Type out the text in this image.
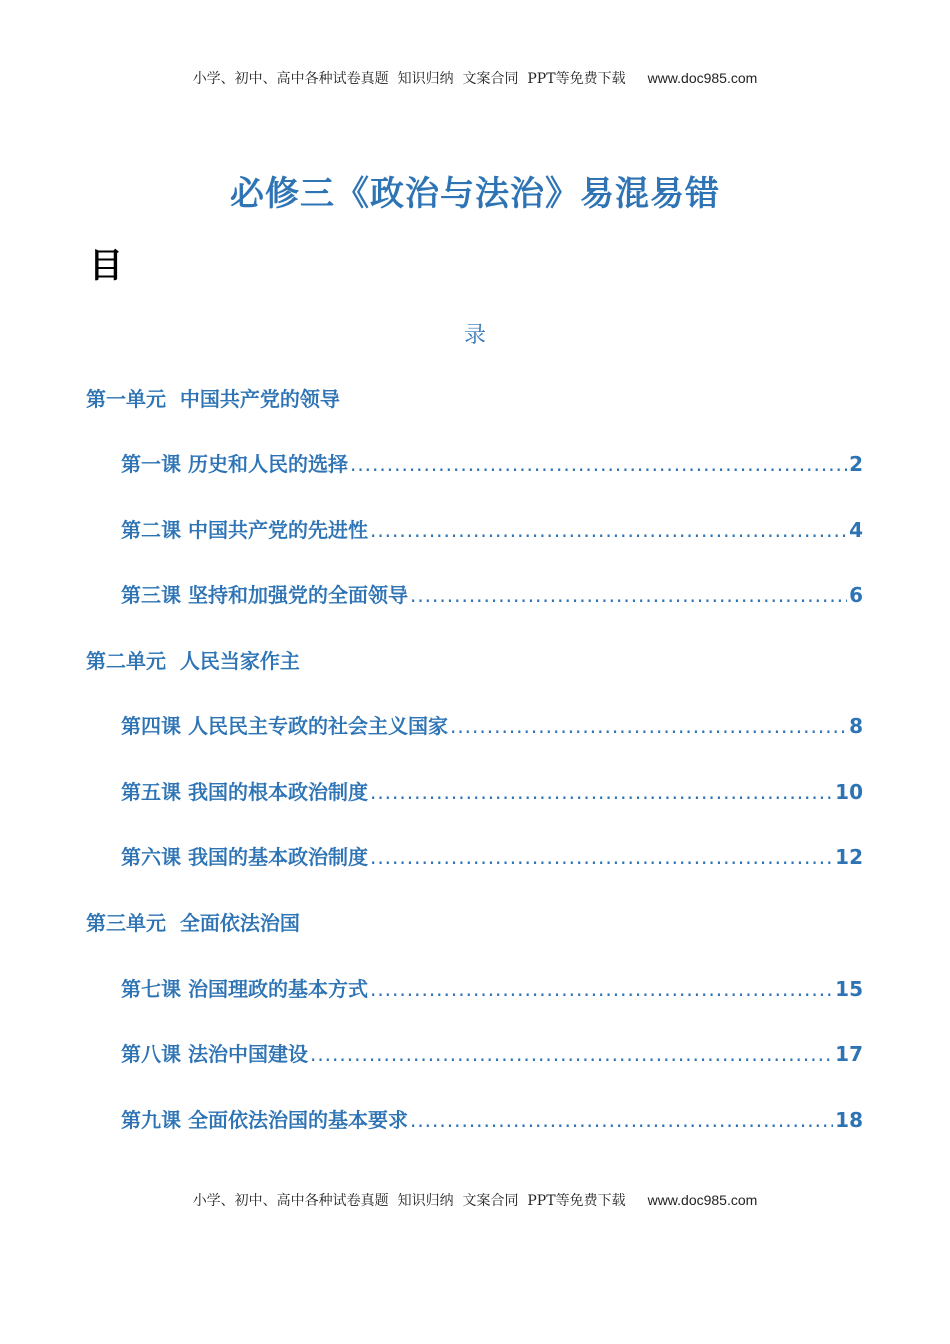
小学、初中、高中各种试卷真题  知识归纳  文案合同  PPT等免费下载 www.doc985.com
必修三《政治与法治》易混易错
目
录
第一单元  中国共产党的领导
第一课 历史和人民的选择 .....	2
第二课 中国共产党的先进性 .....	4
第三课 坚持和加强党的全面领导 .....	6
第二单元  人民当家作主
第四课 人民民主专政的社会主义国家 .....	8
第五课 我国的根本政治制度 .....	10
第六课 我国的基本政治制度 .....	12
第三单元  全面依法治国
第七课 治国理政的基本方式 .....	15
第八课 法治中国建设 .....	17
第九课 全面依法治国的基本要求 .....	18
小学、初中、高中各种试卷真题  知识归纳  文案合同  PPT等免费下载 www.doc985.com
